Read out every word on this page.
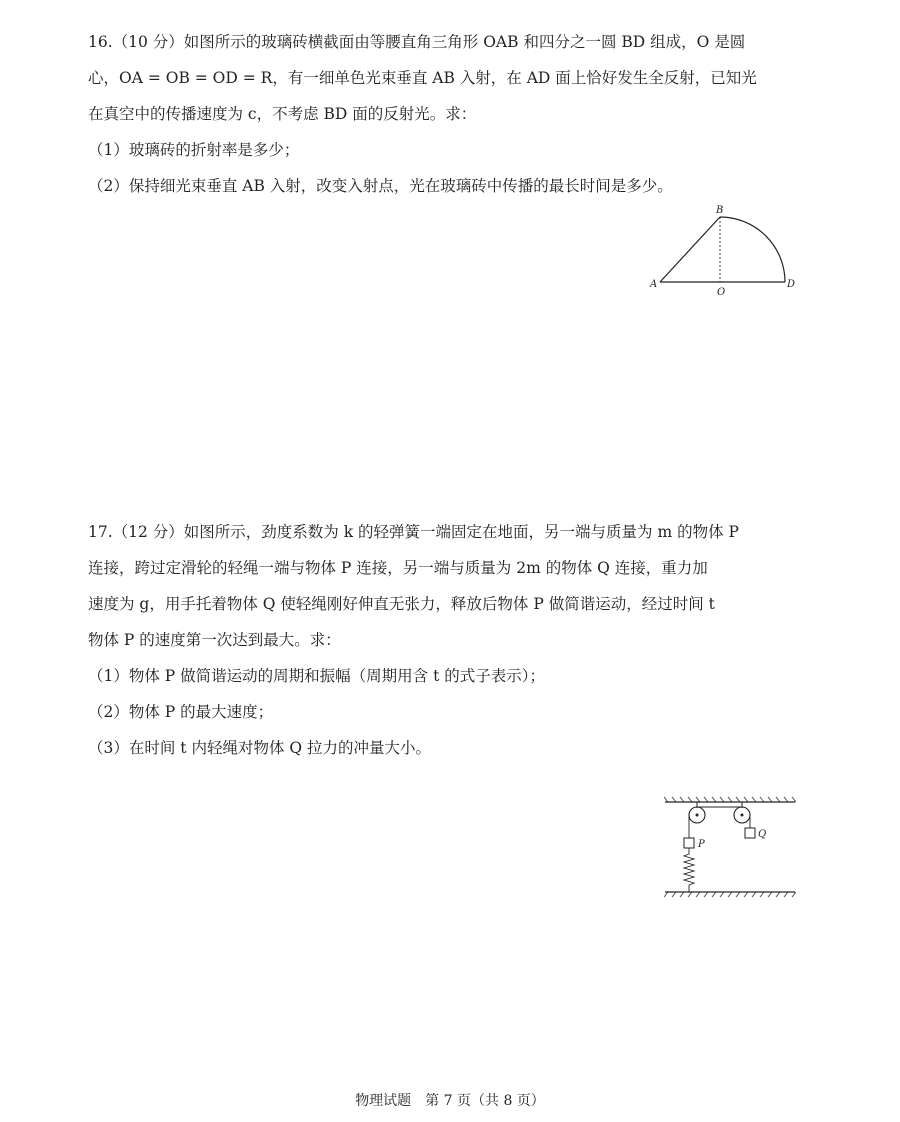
16.（10 分）如图所示的玻璃砖横截面由等腰直角三角形 OAB 和四分之一圆 BD 组成，O 是圆
心，OA = OB = OD = R，有一细单色光束垂直 AB 入射，在 AD 面上恰好发生全反射，已知光
在真空中的传播速度为 c，不考虑 BD 面的反射光。求：
（1）玻璃砖的折射率是多少；
（2）保持细光束垂直 AB 入射，改变入射点，光在玻璃砖中传播的最长时间是多少。
A
B
O
D
17.（12 分）如图所示，劲度系数为 k 的轻弹簧一端固定在地面，另一端与质量为 m 的物体 P
连接，跨过定滑轮的轻绳一端与物体 P 连接，另一端与质量为 2m 的物体 Q 连接，重力加
速度为 g，用手托着物体 Q 使轻绳刚好伸直无张力，释放后物体 P 做简谐运动，经过时间 t
物体 P 的速度第一次达到最大。求：
（1）物体 P 做简谐运动的周期和振幅（周期用含 t 的式子表示）；
（2）物体 P 的最大速度；
（3）在时间 t 内轻绳对物体 Q 拉力的冲量大小。
P
Q
物理试题　第 7 页（共 8 页）
